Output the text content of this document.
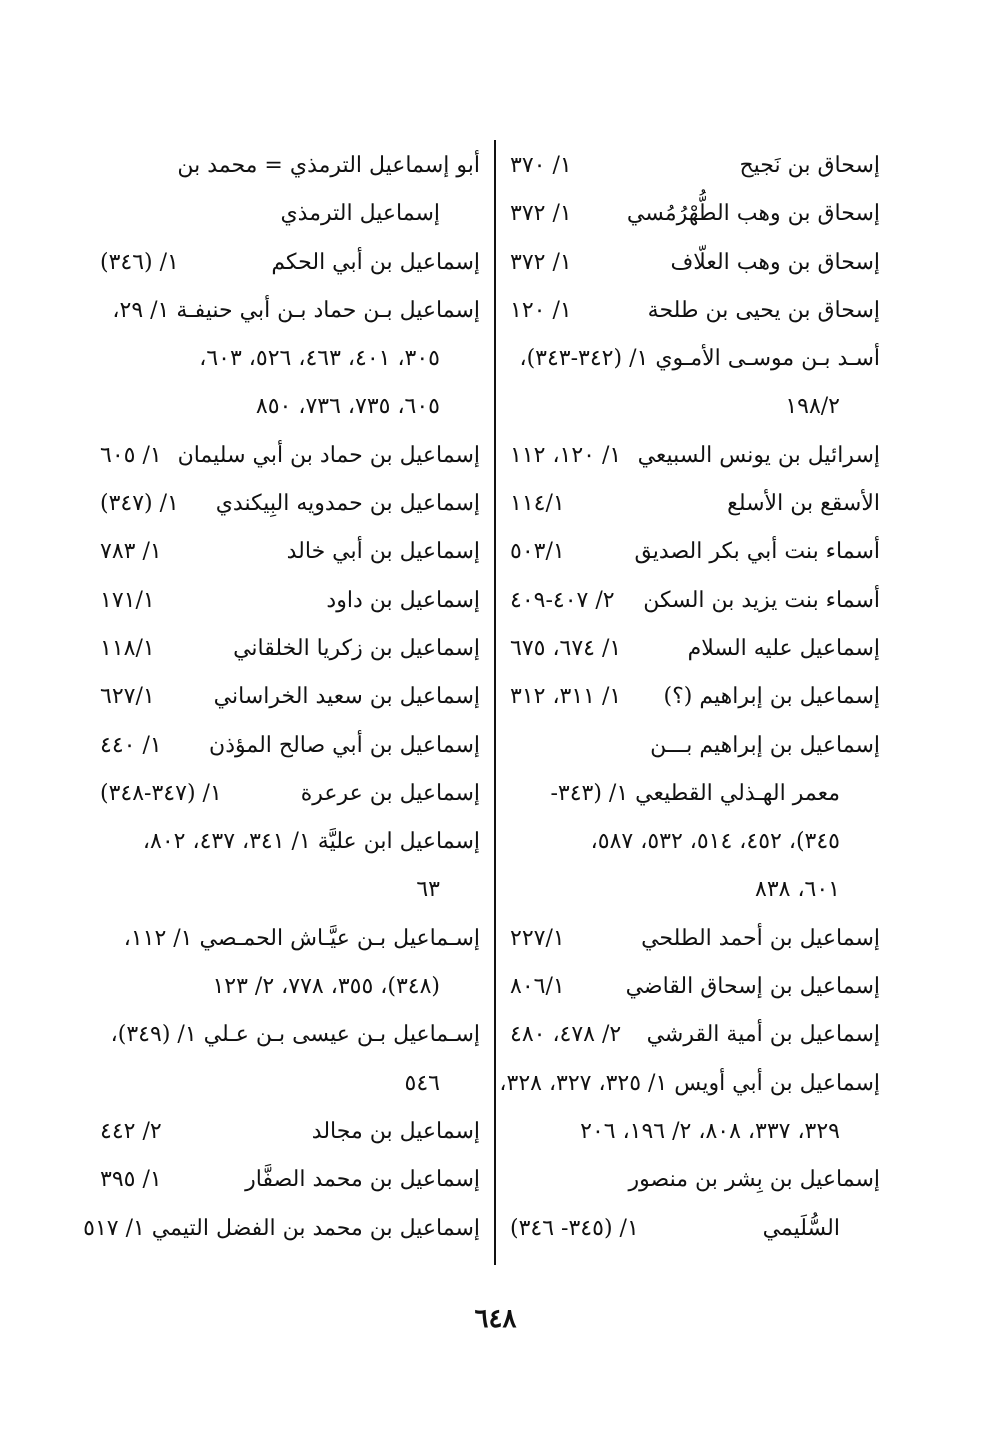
إسحاق بن نَجيح
١/ ٣٧٠
إسحاق بن وهب الطُّهْرُمُسي
١/ ٣٧٢
إسحاق بن وهب العلّاف
١/ ٣٧٢
إسحاق بن يحيى بن طلحة
١/ ١٢٠
أسـد بـن موسـى الأمـوي ١/ (٣٤٢-٣٤٣)،
١٩٨/٢
إسرائيل بن يونس السبيعي
١/ ١٢٠، ١١٢
الأسقع بن الأسلع
١١٤/١
أسماء بنت أبي بكر الصديق
٥٠٣/١
أسماء بنت يزيد بن السكن
٢/ ٤٠٧-٤٠٩
إسماعيل عليه السلام
١/ ٦٧٤، ٦٧٥
إسماعيل بن إبراهيم (؟)
١/ ٣١١، ٣١٢
إسماعيل بن إبراهيم بـــن
معمر الهـذلي القطيعي ١/ (٣٤٣-
٣٤٥)، ٤٥٢، ٥١٤، ٥٣٢، ٥٨٧،
٦٠١، ٨٣٨
إسماعيل بن أحمد الطلحي
٢٢٧/١
إسماعيل بن إسحاق القاضي
٨٠٦/١
إسماعيل بن أمية القرشي
٢/ ٤٧٨، ٤٨٠
إسماعيل بن أبي أويس ١/ ٣٢٥، ٣٢٧، ٣٢٨،
٣٢٩، ٣٣٧، ٨٠٨، ٢/ ١٩٦، ٢٠٦
إسماعيل بن بِشر بن منصور
السُّلَيمي
١/ (٣٤٥- ٣٤٦)
أبو إسماعيل الترمذي = محمد بن
إسماعيل الترمذي
إسماعيل بن أبي الحكم
١/ (٣٤٦)
إسماعيل بـن حماد بـن أبي حنيفـة ١/ ٢٩،
٣٠٥، ٤٠١، ٤٦٣، ٥٢٦، ٦٠٣،
٦٠٥، ٧٣٥، ٧٣٦، ٨٥٠
إسماعيل بن حماد بن أبي سليمان
١/ ٦٠٥
إسماعيل بن حمدويه البِيكندي
١/ (٣٤٧)
إسماعيل بن أبي خالد
١/ ٧٨٣
إسماعيل بن داود
١٧١/١
إسماعيل بن زكريا الخلقاني
١١٨/١
إسماعيل بن سعيد الخراساني
٦٢٧/١
إسماعيل بن أبي صالح المؤذن
١/ ٤٤٠
إسماعيل بن عرعرة
١/ (٣٤٧-٣٤٨)
إسماعيل ابن عليَّة ١/ ٣٤١، ٤٣٧، ٨٠٢،
٦٣
إسـماعيل بـن عيَّـاش الحمـصي ١/ ١١٢،
(٣٤٨)، ٣٥٥، ٧٧٨، ٢/ ١٢٣
إسـماعيل بـن عيسى بـن عـلي ١/ (٣٤٩)،
٥٤٦
إسماعيل بن مجالد
٢/ ٤٤٢
إسماعيل بن محمد الصفَّار
١/ ٣٩٥
إسماعيل بن محمد بن الفضل التيمي ١/ ٥١٧
٦٤٨
